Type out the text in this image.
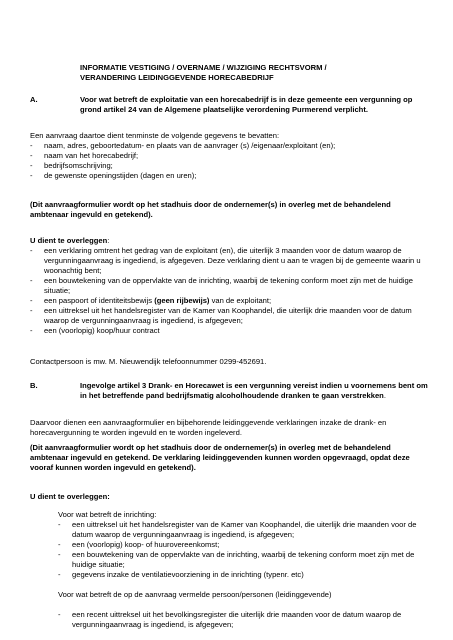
INFORMATIE VESTIGING / OVERNAME / WIJZIGING RECHTSVORM /
VERANDERING LEIDINGGEVENDE HORECABEDRIJF
A.	Voor wat betreft de exploitatie van een horecabedrijf is in deze gemeente een vergunning op grond artikel 24 van de Algemene plaatselijke verordening Purmerend verplicht.
Een aanvraag daartoe dient tenminste de volgende gegevens te bevatten:
-	naam, adres, geboortedatum- en plaats van de aanvrager (s) /eigenaar/exploitant (en);
-	naam van het horecabedrijf;
-	bedrijfsomschrijving;
-	de gewenste openingstijden (dagen en uren);
(Dit aanvraagformulier wordt op het stadhuis door de ondernemer(s) in overleg met de behandelend ambtenaar ingevuld en getekend).
U dient te overleggen:
-	een verklaring omtrent het gedrag van de exploitant (en), die uiterlijk 3 maanden voor de datum waarop de vergunningaanvraag is ingediend, is afgegeven. Deze verklaring dient u aan te vragen bij de gemeente waarin u woonachtig bent;
-	een bouwtekening van de oppervlakte van de inrichting, waarbij de tekening conform moet zijn met de huidige situatie;
-	een paspoort of identiteitsbewijs (geen rijbewijs) van de exploitant;
-	een uittreksel uit het handelsregister van de Kamer van Koophandel, die uiterlijk drie maanden voor de datum waarop de vergunningaanvraag is ingediend, is afgegeven;
-	een (voorlopig) koop/huur contract
Contactpersoon is mw. M. Nieuwendijk telefoonnummer 0299-452691.
B.	Ingevolge artikel 3 Drank- en Horecawet is een vergunning vereist indien u voornemens bent om in het betreffende pand bedrijfsmatig alcoholhoudende dranken te gaan verstrekken.
Daarvoor dienen een aanvraagformulier en bijbehorende leidinggevende verklaringen inzake de drank- en horecavergunning te worden ingevuld en te worden ingeleverd.
(Dit aanvraagformulier wordt op het stadhuis door de ondernemer(s) in overleg met de behandelend ambtenaar ingevuld en getekend. De verklaring leidinggevenden kunnen worden opgevraagd, opdat deze vooraf kunnen worden ingevuld en getekend).
U dient te overleggen:
Voor wat betreft de inrichting:
-	een uittreksel uit het handelsregister van de Kamer van Koophandel, die uiterlijk drie maanden voor de datum waarop de vergunningaanvraag is ingediend, is afgegeven;
-	een (voorlopig) koop- of huurovereenkomst;
-	een bouwtekening van de oppervlakte van de inrichting, waarbij de tekening conform moet zijn met de huidige situatie;
-	gegevens inzake de ventilatievoorziening in de inrichting (typenr. etc)
Voor wat betreft de op de aanvraag vermelde persoon/personen (leidinggevende)
-	een recent uittreksel uit het bevolkingsregister die uiterlijk drie maanden voor de datum waarop de vergunningaanvraag is ingediend, is afgegeven;
